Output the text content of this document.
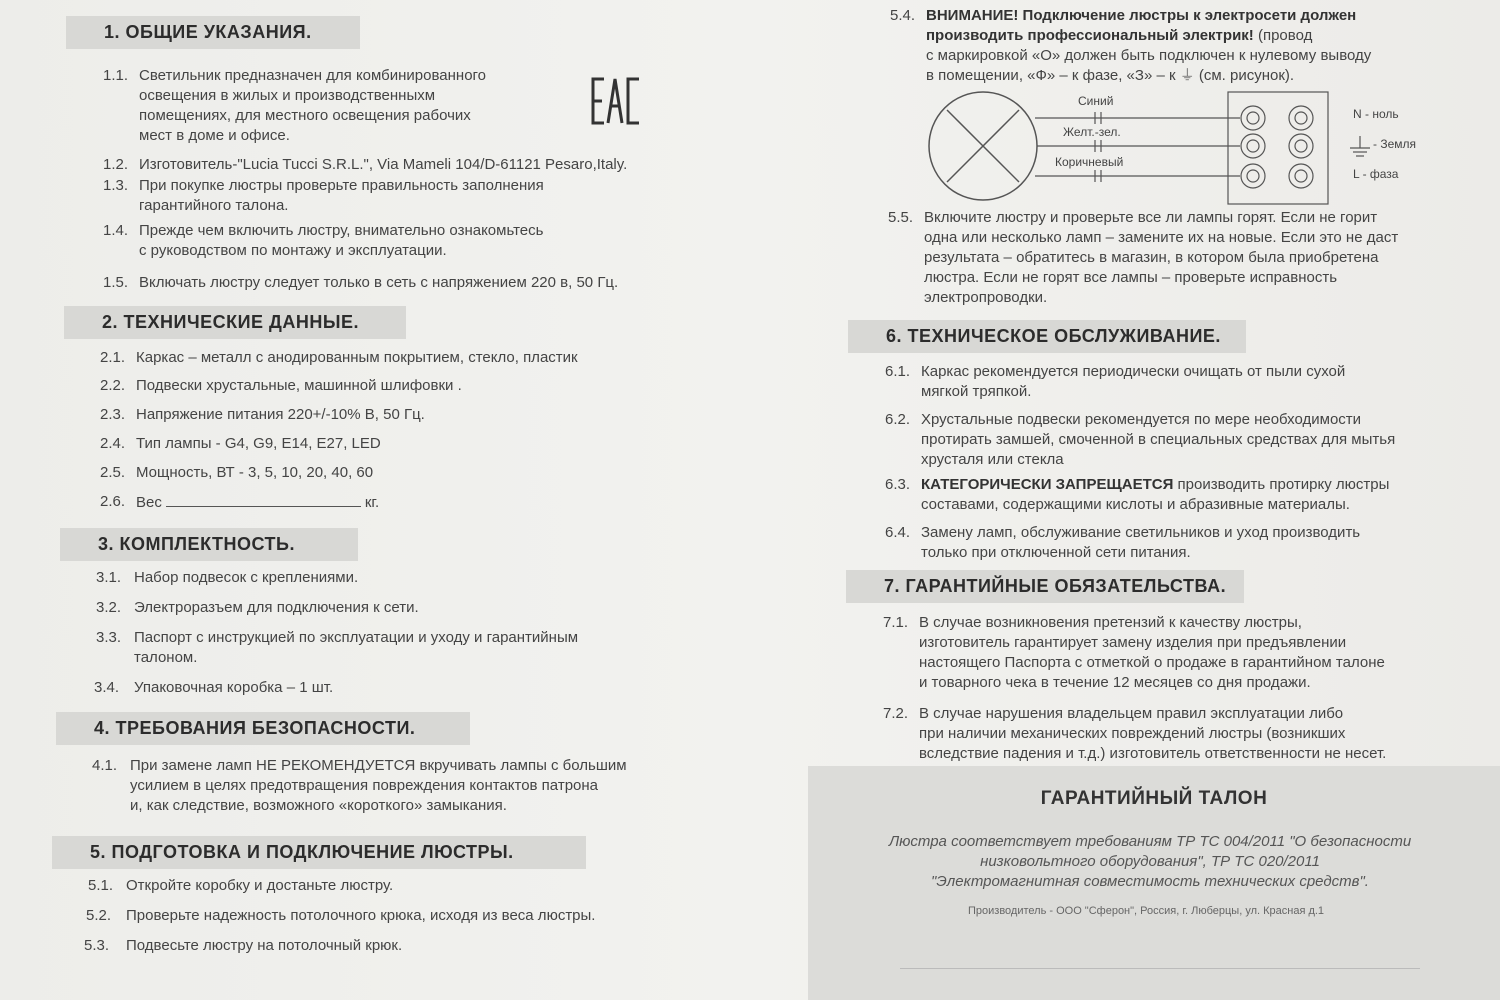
1. ОБЩИЕ УКАЗАНИЯ.
1.1. Светильник предназначен для комбинированного
освещения в жилых и производственныхм
помещениях, для местного освещения рабочих
мест в доме и офисе.
1.2. Изготовитель-"Lucia Tucci S.R.L.", Via Mameli 104/D-61121 Pesaro,Italy.
1.3. При покупке люстры проверьте правильность заполнения
гарантийного талона.
1.4. Прежде чем включить люстру, внимательно ознакомьтесь
с руководством по монтажу и эксплуатации.
1.5. Включать люстру следует только в сеть с напряжением 220 в, 50 Гц.
2. ТЕХНИЧЕСКИЕ ДАННЫЕ.
2.1. Каркас – металл с анодированным покрытием, стекло, пластик
2.2. Подвески хрустальные, машинной шлифовки .
2.3. Напряжение питания 220+/-10% В, 50 Гц.
2.4. Тип лампы - G4, G9, E14, E27, LED
2.5. Мощность, ВТ - 3, 5, 10, 20, 40, 60
2.6. Вес	кг.
3. КОМПЛЕКТНОСТЬ.
3.1. Набор подвесок с креплениями.
3.2. Электроразъем для подключения к сети.
3.3. Паспорт с инструкцией по эксплуатации и уходу и гарантийным
талоном.
3.4. Упаковочная коробка – 1 шт.
4. ТРЕБОВАНИЯ БЕЗОПАСНОСТИ.
4.1. При замене ламп НЕ РЕКОМЕНДУЕТСЯ вкручивать лампы с большим
усилием в целях предотвращения повреждения контактов патрона
и, как следствие, возможного «короткого» замыкания.
5. ПОДГОТОВКА И ПОДКЛЮЧЕНИЕ ЛЮСТРЫ.
5.1. Откройте коробку и достаньте люстру.
5.2. Проверьте надежность потолочного крюка, исходя из веса люстры.
5.3. Подвесьте люстру на потолочный крюк.
5.4. ВНИМАНИЕ! Подключение люстры к электросети должен
производить профессиональный электрик! (провод
с маркировкой «О» должен быть подключен к нулевому выводу
в помещении, «Ф» – к фазе, «З» – к ⏚ (см. рисунок).
Синий
Желт.-зел.
Коричневый
N - ноль
- Земля
L - фаза
5.5. Включите люстру и проверьте все ли лампы горят. Если не горит
одна или несколько ламп – замените их на новые. Если это не даст
результата – обратитесь в магазин, в котором была приобретена
люстра. Если не горят все лампы – проверьте исправность
электропроводки.
6. ТЕХНИЧЕСКОЕ ОБСЛУЖИВАНИЕ.
6.1. Каркас рекомендуется периодически очищать от пыли сухой
мягкой тряпкой.
6.2. Хрустальные подвески рекомендуется по мере необходимости
протирать замшей, смоченной в специальных средствах для мытья
хрусталя или стекла
6.3. КАТЕГОРИЧЕСКИ ЗАПРЕЩАЕТСЯ производить протирку люстры
составами, содержащими кислоты и абразивные материалы.
6.4. Замену ламп, обслуживание светильников и уход производить
только при отключенной сети питания.
7. ГАРАНТИЙНЫЕ ОБЯЗАТЕЛЬСТВА.
7.1. В случае возникновения претензий к качеству люстры,
изготовитель гарантирует замену изделия при предъявлении
настоящего Паспорта с отметкой о продаже в гарантийном талоне
и товарного чека в течение 12 месяцев со дня продажи.
7.2. В случае нарушения владельцем правил эксплуатации либо
при наличии механических повреждений люстры (возникших
вследствие падения и т.д.) изготовитель ответственности не несет.
ГАРАНТИЙНЫЙ ТАЛОН
Люстра соответствует требованиям ТР ТС 004/2011 "О безопасности
низковольтного оборудования", ТР ТС 020/2011
"Электромагнитная совместимость технических средств".
Производитель - ООО "Сферон", Россия, г. Люберцы, ул. Красная д.1
